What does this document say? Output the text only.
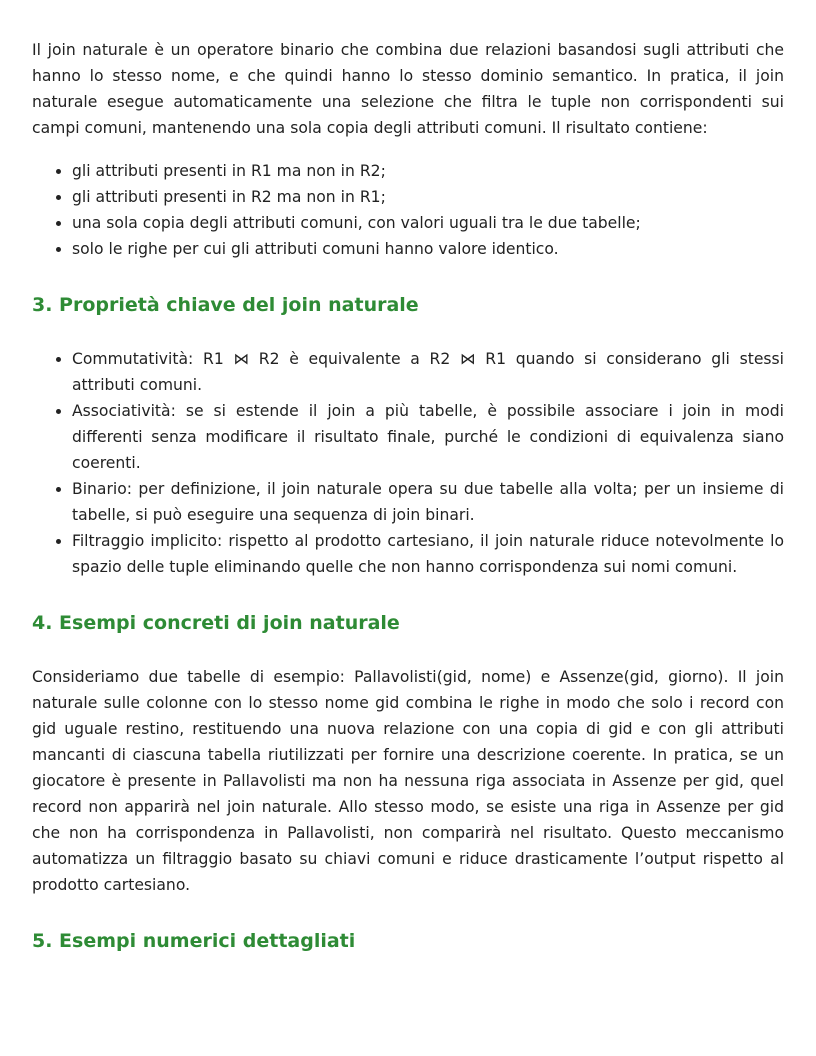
Il join naturale è un operatore binario che combina due relazioni basandosi sugli attributi che hanno lo stesso nome, e che quindi hanno lo stesso dominio semantico. In pratica, il join naturale esegue automaticamente una selezione che filtra le tuple non corrispondenti sui campi comuni, mantenendo una sola copia degli attributi comuni. Il risultato contiene:

• gli attributi presenti in R1 ma non in R2;
• gli attributi presenti in R2 ma non in R1;
• una sola copia degli attributi comuni, con valori uguali tra le due tabelle;
• solo le righe per cui gli attributi comuni hanno valore identico.
3. Proprietà chiave del join naturale
• Commutatività: R1 ⋈ R2 è equivalente a R2 ⋈ R1 quando si considerano gli stessi attributi comuni.
• Associatività: se si estende il join a più tabelle, è possibile associare i join in modi differenti senza modificare il risultato finale, purché le condizioni di equivalenza siano coerenti.
• Binario: per definizione, il join naturale opera su due tabelle alla volta; per un insieme di tabelle, si può eseguire una sequenza di join binari.
• Filtraggio implicito: rispetto al prodotto cartesiano, il join naturale riduce notevolmente lo spazio delle tuple eliminando quelle che non hanno corrispondenza sui nomi comuni.
4. Esempi concreti di join naturale

Consideriamo due tabelle di esempio: Pallavolisti(gid, nome) e Assenze(gid, giorno). Il join naturale sulle colonne con lo stesso nome gid combina le righe in modo che solo i record con gid uguale restino, restituendo una nuova relazione con una copia di gid e con gli attributi mancanti di ciascuna tabella riutilizzati per fornire una descrizione coerente. In pratica, se un giocatore è presente in Pallavolisti ma non ha nessuna riga associata in Assenze per gid, quel record non apparirà nel join naturale. Allo stesso modo, se esiste una riga in Assenze per gid che non ha corrispondenza in Pallavolisti, non comparirà nel risultato. Questo meccanismo automatizza un filtraggio basato su chiavi comuni e riduce drasticamente l’output rispetto al prodotto cartesiano.

5. Esempi numerici dettagliati
